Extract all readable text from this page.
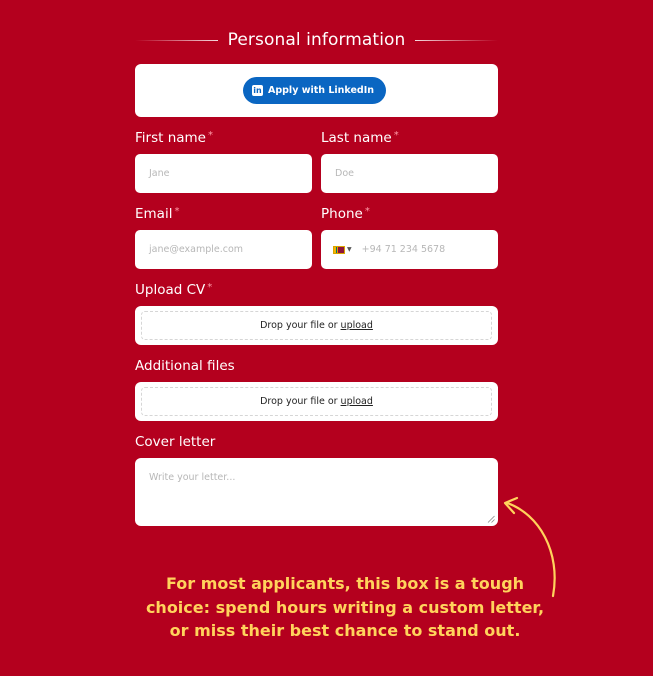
Personal information
in Apply with LinkedIn
First name *
Jane
Last name *
Doe
Email *
jane@example.com
Phone *
▼ +94 71 234 5678
Upload CV *
Drop your file or upload
Additional files
Drop your file or upload
Cover letter
Write your letter...
For most applicants, this box is a tough choice: spend hours writing a custom letter, or miss their best chance to stand out.
